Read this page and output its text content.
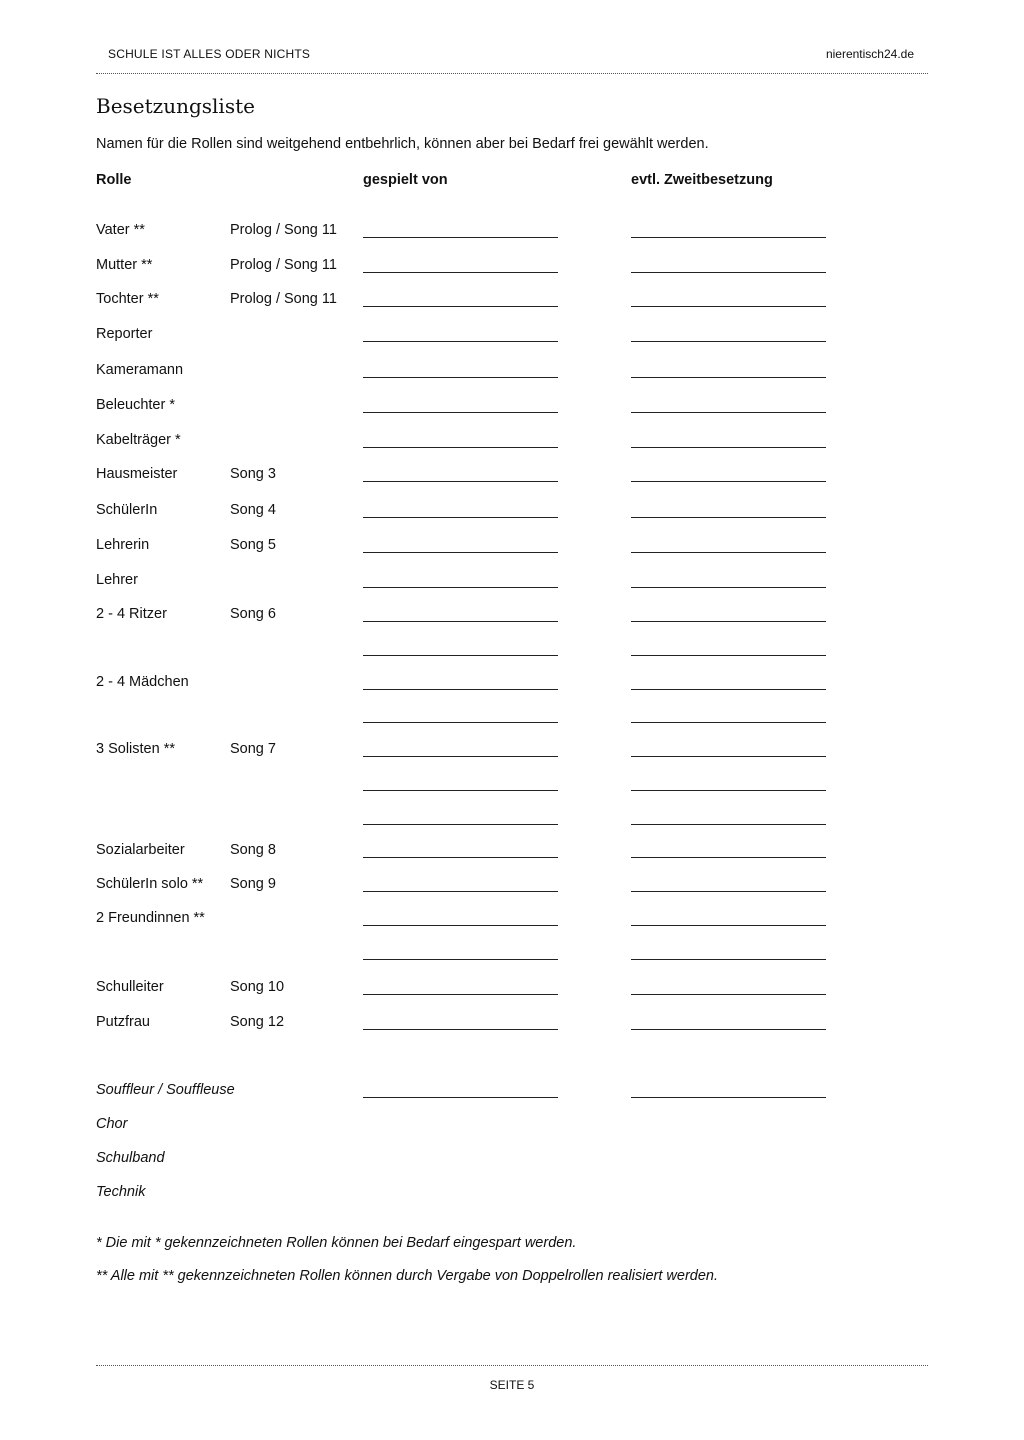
SCHULE IST ALLES ODER NICHTS	nierentisch24.de
Besetzungsliste
Namen für die Rollen sind weitgehend entbehrlich, können aber bei Bedarf frei gewählt werden.
Rolle	gespielt von	evtl. Zweitbesetzung
Vater **	Prolog / Song 11
Mutter **	Prolog / Song 11
Tochter **	Prolog / Song 11
Reporter
Kameramann
Beleuchter *
Kabelträger *
Hausmeister	Song 3
SchülerIn	Song 4
Lehrerin	Song 5
Lehrer
2 - 4 Ritzer	Song 6
2 - 4 Mädchen
3 Solisten **	Song 7
Sozialarbeiter	Song 8
SchülerIn solo ** Song 9
2 Freundinnen **
Schulleiter	Song 10
Putzfrau	Song 12
Souffleur / Souffleuse
Chor
Schulband
Technik
* Die mit * gekennzeichneten Rollen können bei Bedarf eingespart werden.
** Alle mit ** gekennzeichneten Rollen können durch Vergabe von Doppelrollen realisiert werden.
SEITE 5
